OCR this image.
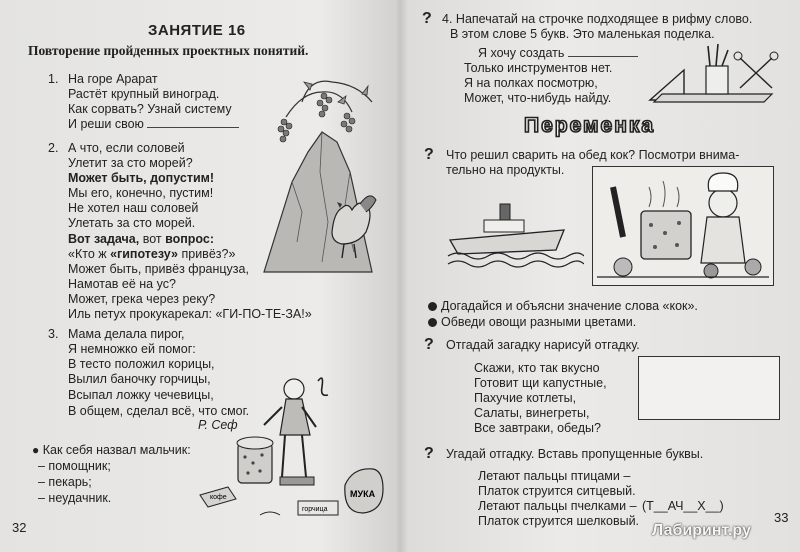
ЗАНЯТИЕ 16
Повторение пройденных проектных понятий.
1. На горе Арарат
Растёт крупный виноград.
Как сорвать? Узнай систему
И реши свою
2. А что, если соловей
Улетит за сто морей?
Может быть, допустим!
Мы его, конечно, пустим!
Не хотел наш соловей
Улетать за сто морей.
Вот задача, вот вопрос:
«Кто ж «гипотезу» привёз?»
Может быть, привёз француза,
Намотав её на ус?
Может, грека через реку?
Иль петух прокукарекал: «ГИ-ПО-ТЕ-ЗА!»
3. Мама делала пирог,
Я немножко ей помог:
В тесто положил корицы,
Вылил баночку горчицы,
Всыпал ложку чечевицы,
В общем, сделал всё, что смог.
Р. Сеф
● Как себя назвал мальчик:
– помощник;
– пекарь;
– неудачник.
32
кофе
горчица
МУКА
? 4. Напечатай на строчке подходящее в рифму слово.
В этом слове 5 букв. Это маленькая поделка.
Я хочу создать
Только инструментов нет.
Я на полках посмотрю,
Может, что-нибудь найду.
Переменка
? Что решил сварить на обед кок? Посмотри внима-
тельно на продукты.
Догадайся и объясни значение слова «кок».
Обведи овощи разными цветами.
? Отгадай загадку нарисуй отгадку.
Скажи, кто так вкусно
Готовит щи капустные,
Пахучие котлеты,
Салаты, винегреты,
Все завтраки, обеды?
? Угадай отгадку. Вставь пропущенные буквы.
Летают пальцы птицами –
Платок струится ситцевый.
Летают пальцы пчелками –
Платок струится шелковый.
(Т__АЧ__Х__)
33
Лабиринт.ру
